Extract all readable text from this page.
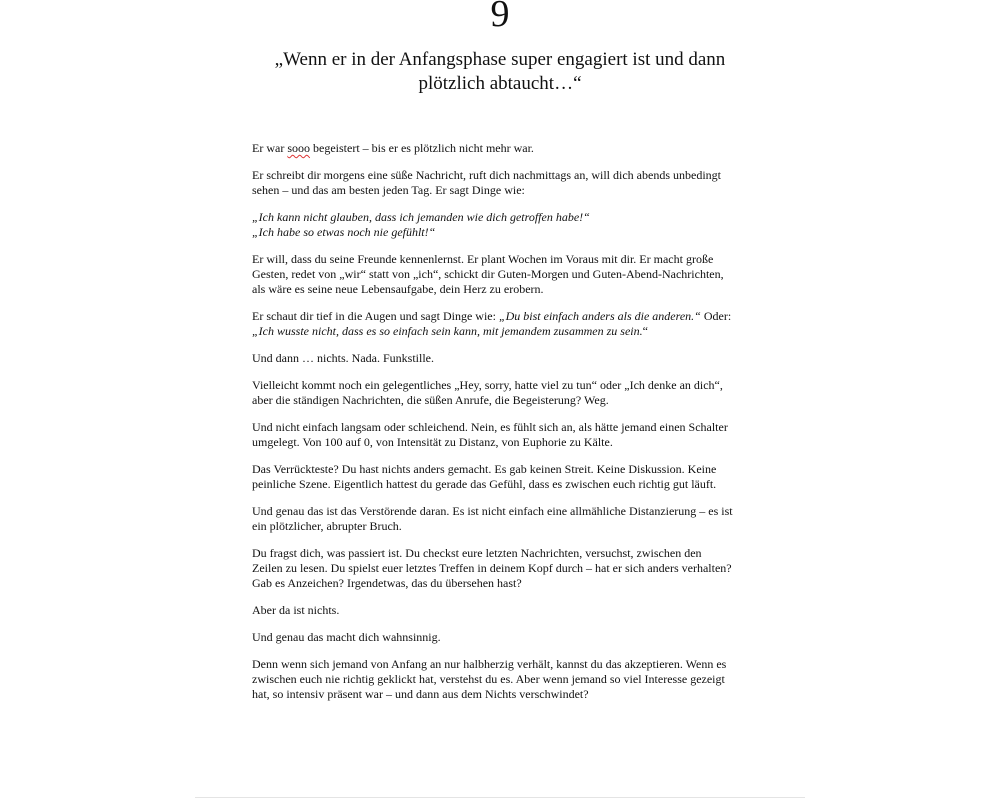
9
„Wenn er in der Anfangsphase super engagiert ist und dann
plötzlich abtaucht…“

Er war sooo begeistert – bis er es plötzlich nicht mehr war.

Er schreibt dir morgens eine süße Nachricht, ruft dich nachmittags an, will dich abends unbedingt
sehen – und das am besten jeden Tag. Er sagt Dinge wie:

„Ich kann nicht glauben, dass ich jemanden wie dich getroffen habe!“
„Ich habe so etwas noch nie gefühlt!“

Er will, dass du seine Freunde kennenlernst. Er plant Wochen im Voraus mit dir. Er macht große
Gesten, redet von „wir“ statt von „ich“, schickt dir Guten-Morgen und Guten-Abend-Nachrichten,
als wäre es seine neue Lebensaufgabe, dein Herz zu erobern.

Er schaut dir tief in die Augen und sagt Dinge wie: „Du bist einfach anders als die anderen.“ Oder:
„Ich wusste nicht, dass es so einfach sein kann, mit jemandem zusammen zu sein.“

Und dann … nichts. Nada. Funkstille.

Vielleicht kommt noch ein gelegentliches „Hey, sorry, hatte viel zu tun“ oder „Ich denke an dich“,
aber die ständigen Nachrichten, die süßen Anrufe, die Begeisterung? Weg.

Und nicht einfach langsam oder schleichend. Nein, es fühlt sich an, als hätte jemand einen Schalter
umgelegt. Von 100 auf 0, von Intensität zu Distanz, von Euphorie zu Kälte.

Das Verrückteste? Du hast nichts anders gemacht. Es gab keinen Streit. Keine Diskussion. Keine
peinliche Szene. Eigentlich hattest du gerade das Gefühl, dass es zwischen euch richtig gut läuft.

Und genau das ist das Verstörende daran. Es ist nicht einfach eine allmähliche Distanzierung – es ist
ein plötzlicher, abrupter Bruch.

Du fragst dich, was passiert ist. Du checkst eure letzten Nachrichten, versuchst, zwischen den
Zeilen zu lesen. Du spielst euer letztes Treffen in deinem Kopf durch – hat er sich anders verhalten?
Gab es Anzeichen? Irgendetwas, das du übersehen hast?

Aber da ist nichts.

Und genau das macht dich wahnsinnig.

Denn wenn sich jemand von Anfang an nur halbherzig verhält, kannst du das akzeptieren. Wenn es
zwischen euch nie richtig geklickt hat, verstehst du es. Aber wenn jemand so viel Interesse gezeigt
hat, so intensiv präsent war – und dann aus dem Nichts verschwindet?
